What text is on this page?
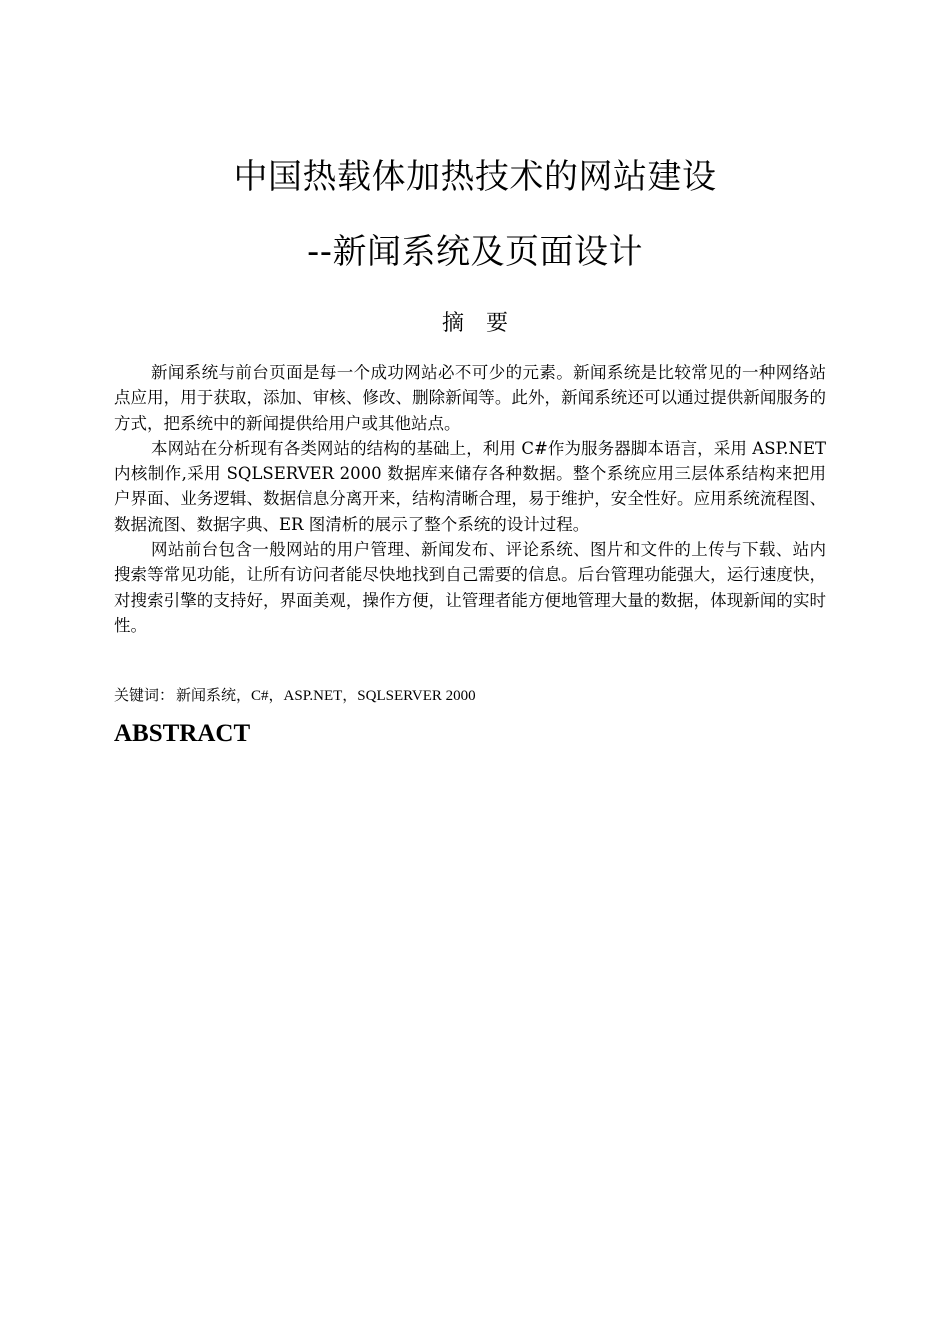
中国热载体加热技术的网站建设
--新闻系统及页面设计
摘要

新闻系统与前台页面是每一个成功网站必不可少的元素。新闻系统是比较常见的一种网络站点应用，用于获取，添加、审核、修改、删除新闻等。此外，新闻系统还可以通过提供新闻服务的方式，把系统中的新闻提供给用户或其他站点。

本网站在分析现有各类网站的结构的基础上，利用 C#作为服务器脚本语言，采用 ASP.NET 内核制作,采用 SQLSERVER 2000 数据库来储存各种数据。整个系统应用三层体系结构来把用户界面、业务逻辑、数据信息分离开来，结构清晰合理，易于维护，安全性好。应用系统流程图、数据流图、数据字典、ER 图清析的展示了整个系统的设计过程。

网站前台包含一般网站的用户管理、新闻发布、评论系统、图片和文件的上传与下载、站内搜索等常见功能，让所有访问者能尽快地找到自己需要的信息。后台管理功能强大，运行速度快，对搜索引擎的支持好，界面美观，操作方便，让管理者能方便地管理大量的数据，体现新闻的实时性。

关键词： 新闻系统，C#，ASP.NET，SQLSERVER 2000
ABSTRACT
